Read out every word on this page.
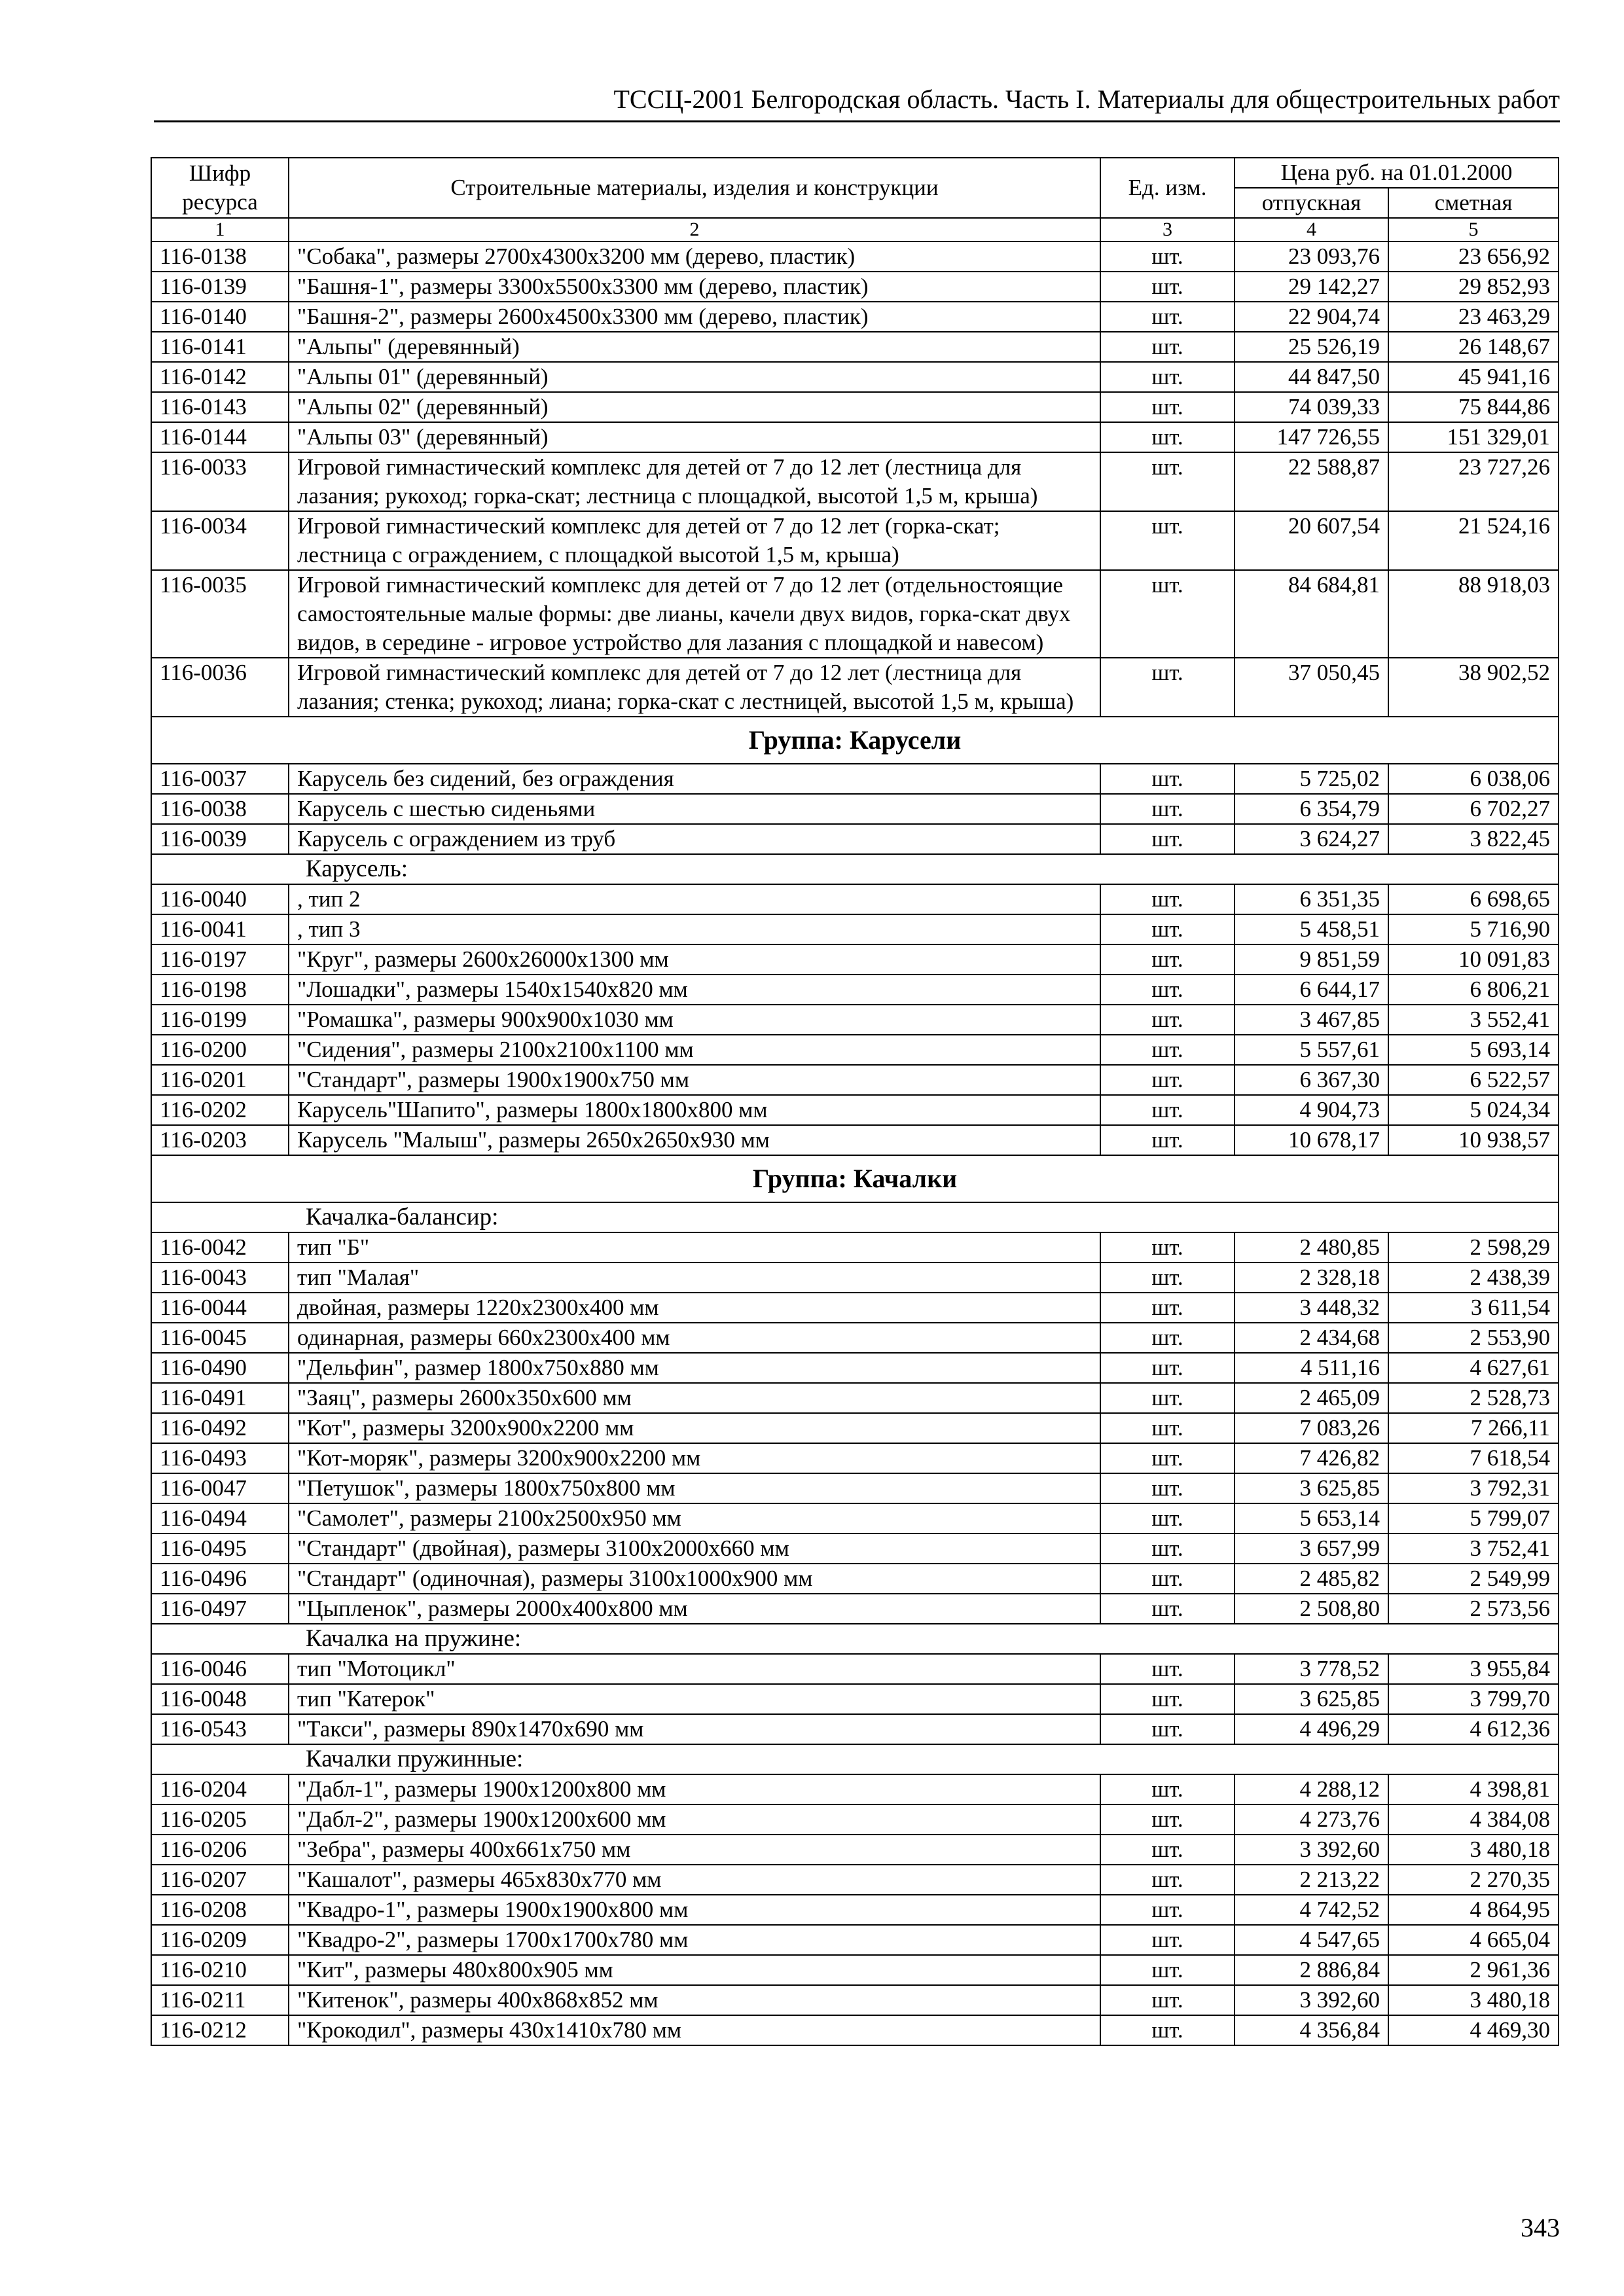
ТССЦ-2001 Белгородская область. Часть I. Материалы для общестроительных работ
Шифр ресурса	Строительные материалы, изделия и конструкции	Ед. изм.	Цена руб. на 01.01.2000	
			отпускная	сметная
1	2	3	4	5
116-0138	"Собака", размеры 2700х4300х3200 мм (дерево, пластик)	шт.	23 093,76	23 656,92
116-0139	"Башня-1", размеры 3300х5500х3300 мм (дерево, пластик)	шт.	29 142,27	29 852,93
116-0140	"Башня-2", размеры 2600х4500х3300 мм (дерево, пластик)	шт.	22 904,74	23 463,29
116-0141	"Альпы" (деревянный)	шт.	25 526,19	26 148,67
116-0142	"Альпы 01" (деревянный)	шт.	44 847,50	45 941,16
116-0143	"Альпы 02" (деревянный)	шт.	74 039,33	75 844,86
116-0144	"Альпы 03" (деревянный)	шт.	147 726,55	151 329,01
116-0033	Игровой гимнастический комплекс для детей от 7 до 12 лет (лестница для лазания; рукоход; горка-скат; лестница с площадкой, высотой 1,5 м, крыша)	шт.	22 588,87	23 727,26
116-0034	Игровой гимнастический комплекс для детей от 7 до 12 лет (горка-скат; лестница с ограждением, с площадкой высотой 1,5 м, крыша)	шт.	20 607,54	21 524,16
116-0035	Игровой гимнастический комплекс для детей от 7 до 12 лет (отдельностоящие самостоятельные малые формы: две лианы, качели двух видов, горка-скат двух видов, в середине - игровое устройство для лазания с площадкой и навесом)	шт.	84 684,81	88 918,03
116-0036	Игровой гимнастический комплекс для детей от 7 до 12 лет (лестница для лазания; стенка; рукоход; лиана; горка-скат с лестницей, высотой 1,5 м, крыша)	шт.	37 050,45	38 902,52
Группа: Карусели				
116-0037	Карусель без сидений, без ограждения	шт.	5 725,02	6 038,06
116-0038	Карусель с шестью сиденьями	шт.	6 354,79	6 702,27
116-0039	Карусель с ограждением из труб	шт.	3 624,27	3 822,45
Карусель:				
116-0040	, тип 2	шт.	6 351,35	6 698,65
116-0041	, тип 3	шт.	5 458,51	5 716,90
116-0197	"Круг", размеры 2600х26000х1300 мм	шт.	9 851,59	10 091,83
116-0198	"Лошадки", размеры 1540х1540х820 мм	шт.	6 644,17	6 806,21
116-0199	"Ромашка", размеры 900х900х1030 мм	шт.	3 467,85	3 552,41
116-0200	"Сидения", размеры 2100х2100х1100 мм	шт.	5 557,61	5 693,14
116-0201	"Стандарт", размеры 1900х1900х750 мм	шт.	6 367,30	6 522,57
116-0202	Карусель"Шапито", размеры 1800х1800х800 мм	шт.	4 904,73	5 024,34
116-0203	Карусель "Малыш", размеры 2650х2650х930 мм	шт.	10 678,17	10 938,57
Группа: Качалки				
Качалка-балансир:				
116-0042	тип "Б"	шт.	2 480,85	2 598,29
116-0043	тип "Малая"	шт.	2 328,18	2 438,39
116-0044	двойная, размеры 1220х2300х400 мм	шт.	3 448,32	3 611,54
116-0045	одинарная, размеры 660х2300х400 мм	шт.	2 434,68	2 553,90
116-0490	"Дельфин", размер 1800х750х880 мм	шт.	4 511,16	4 627,61
116-0491	"Заяц", размеры 2600х350х600 мм	шт.	2 465,09	2 528,73
116-0492	"Кот", размеры 3200х900х2200 мм	шт.	7 083,26	7 266,11
116-0493	"Кот-моряк", размеры 3200х900х2200 мм	шт.	7 426,82	7 618,54
116-0047	"Петушок", размеры 1800х750х800 мм	шт.	3 625,85	3 792,31
116-0494	"Самолет", размеры 2100х2500х950 мм	шт.	5 653,14	5 799,07
116-0495	"Стандарт" (двойная), размеры 3100х2000х660 мм	шт.	3 657,99	3 752,41
116-0496	"Стандарт" (одиночная), размеры 3100х1000х900 мм	шт.	2 485,82	2 549,99
116-0497	"Цыпленок", размеры 2000х400х800 мм	шт.	2 508,80	2 573,56
Качалка на пружине:				
116-0046	тип "Мотоцикл"	шт.	3 778,52	3 955,84
116-0048	тип "Катерок"	шт.	3 625,85	3 799,70
116-0543	"Такси", размеры 890х1470х690 мм	шт.	4 496,29	4 612,36
Качалки пружинные:				
116-0204	"Дабл-1", размеры 1900х1200х800 мм	шт.	4 288,12	4 398,81
116-0205	"Дабл-2", размеры 1900х1200х600 мм	шт.	4 273,76	4 384,08
116-0206	"Зебра", размеры 400х661х750 мм	шт.	3 392,60	3 480,18
116-0207	"Кашалот", размеры 465х830х770 мм	шт.	2 213,22	2 270,35
116-0208	"Квадро-1", размеры 1900х1900х800 мм	шт.	4 742,52	4 864,95
116-0209	"Квадро-2", размеры 1700х1700х780 мм	шт.	4 547,65	4 665,04
116-0210	"Кит", размеры 480х800х905 мм	шт.	2 886,84	2 961,36
116-0211	"Китенок", размеры 400х868х852 мм	шт.	3 392,60	3 480,18
116-0212	"Крокодил", размеры 430х1410х780 мм	шт.	4 356,84	4 469,30
343
